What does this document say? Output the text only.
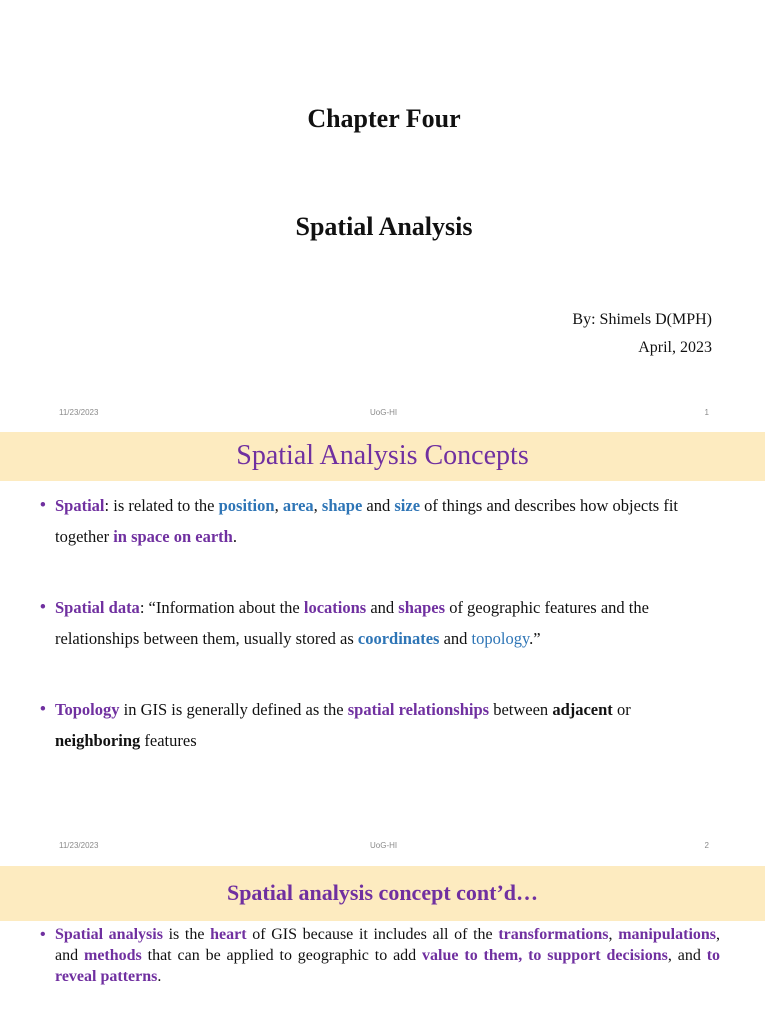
Chapter Four
Spatial Analysis
By: Shimels D(MPH)
April, 2023
11/23/2023	UoG-HI	1
Spatial Analysis Concepts
• Spatial: is related to the position, area, shape and size of things and describes how objects fit together in space on earth.
• Spatial data: “Information about the locations and shapes of geographic features and the relationships between them, usually stored as coordinates and topology.”
• Topology in GIS is generally defined as the spatial relationships between adjacent or neighboring features
11/23/2023	UoG-HI	2
Spatial analysis concept cont’d…
• Spatial analysis is the heart of GIS because it includes all of the transformations, manipulations, and methods that can be applied to geographic to add value to them, to support decisions, and to reveal patterns.
